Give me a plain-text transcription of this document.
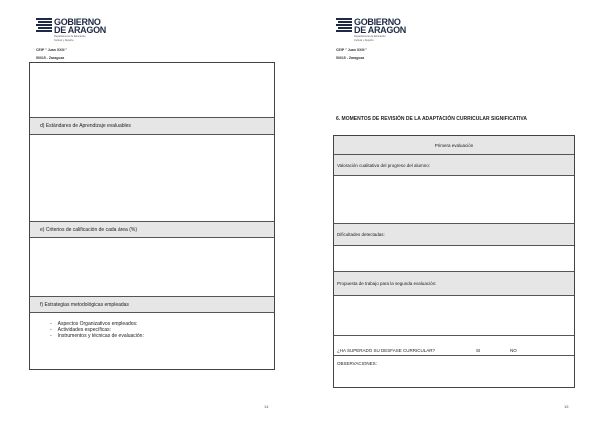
GOBIERNO
DE ARAGON
Departamento de Educación
Cultura y Deporte
CEIP " Juan XXIII "
50015 - Zaragoza
d) Estándares de Aprendizaje evaluables
e) Criterios de calificación de cada área (%)
f) Estrategias metodológicas empleadas
- Aspectos Organizativos empleados:
- Actividades específicas:
- Instrumentos y técnicas de evaluación:
14
GOBIERNO
DE ARAGON
Departamento de Educación
Cultura y Deporte
CEIP " Juan XXIII "
50015 - Zaragoza
6. MOMENTOS DE REVISIÓN DE LA ADAPTACIÓN CURRICULAR SIGNIFICATIVA
Primera evaluación
Valoración cualitativa del progreso del alumno:
Dificultades detectadas:
Propuesta de trabajo para la segunda evaluación:
¿HA SUPERADO SU DESFASE CURRICULAR?	SI	NO
OBSERVACIONES:
15
